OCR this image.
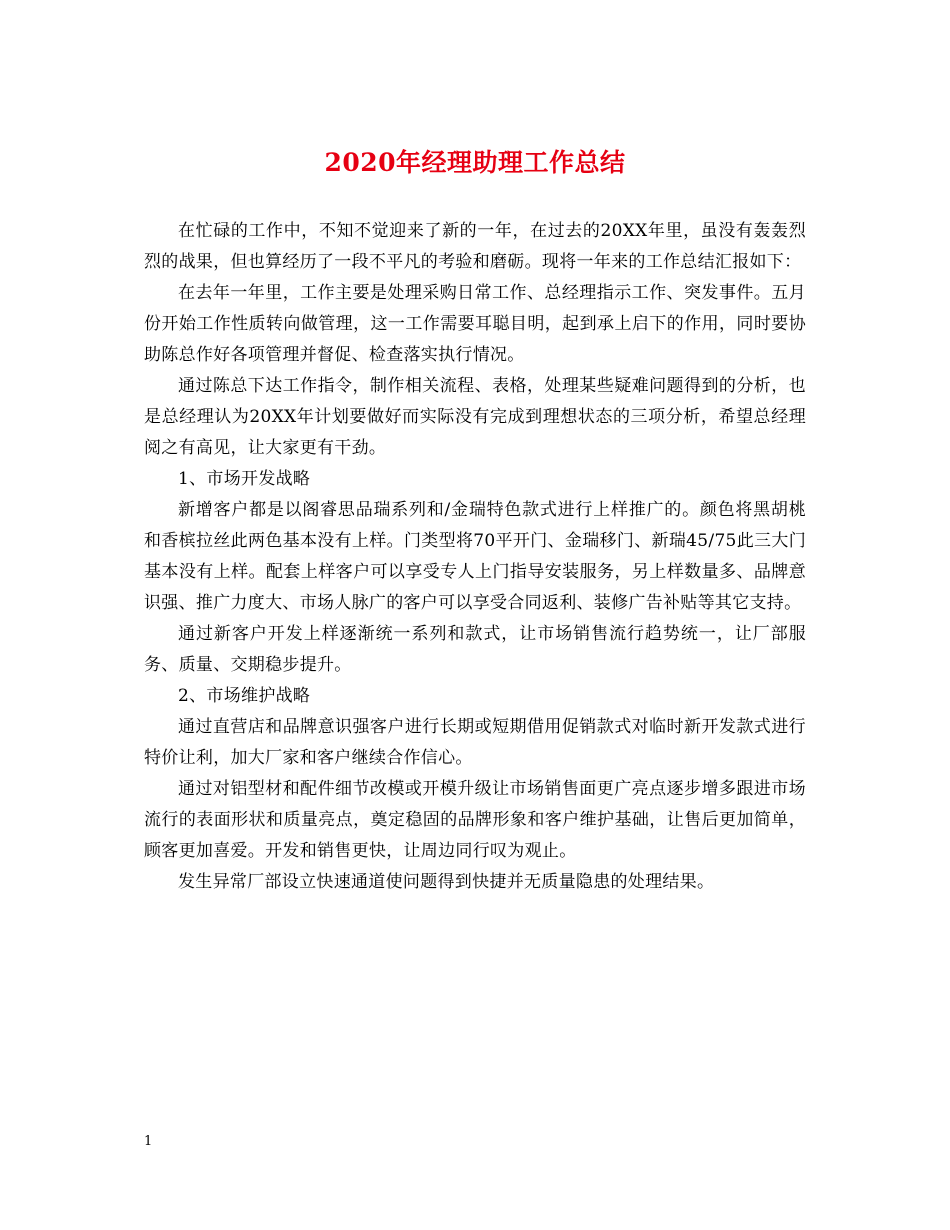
2020年经理助理工作总结

在忙碌的工作中，不知不觉迎来了新的一年，在过去的20XX年里，虽没有轰轰烈烈的战果，但也算经历了一段不平凡的考验和磨砺。现将一年来的工作总结汇报如下：

在去年一年里，工作主要是处理采购日常工作、总经理指示工作、突发事件。五月份开始工作性质转向做管理，这一工作需要耳聪目明，起到承上启下的作用，同时要协助陈总作好各项管理并督促、检查落实执行情况。

通过陈总下达工作指令，制作相关流程、表格，处理某些疑难问题得到的分析，也是总经理认为20XX年计划要做好而实际没有完成到理想状态的三项分析，希望总经理阅之有高见，让大家更有干劲。

1、市场开发战略

新增客户都是以阁睿思品瑞系列和/金瑞特色款式进行上样推广的。颜色将黑胡桃和香槟拉丝此两色基本没有上样。门类型将70平开门、金瑞移门、新瑞45/75此三大门基本没有上样。配套上样客户可以享受专人上门指导安装服务，另上样数量多、品牌意识强、推广力度大、市场人脉广的客户可以享受合同返利、装修广告补贴等其它支持。

通过新客户开发上样逐渐统一系列和款式，让市场销售流行趋势统一，让厂部服务、质量、交期稳步提升。

2、市场维护战略

通过直营店和品牌意识强客户进行长期或短期借用促销款式对临时新开发款式进行特价让利，加大厂家和客户继续合作信心。

通过对铝型材和配件细节改模或开模升级让市场销售面更广亮点逐步增多跟进市场流行的表面形状和质量亮点，奠定稳固的品牌形象和客户维护基础，让售后更加简单，顾客更加喜爱。开发和销售更快，让周边同行叹为观止。

发生异常厂部设立快速通道使问题得到快捷并无质量隐患的处理结果。

1
